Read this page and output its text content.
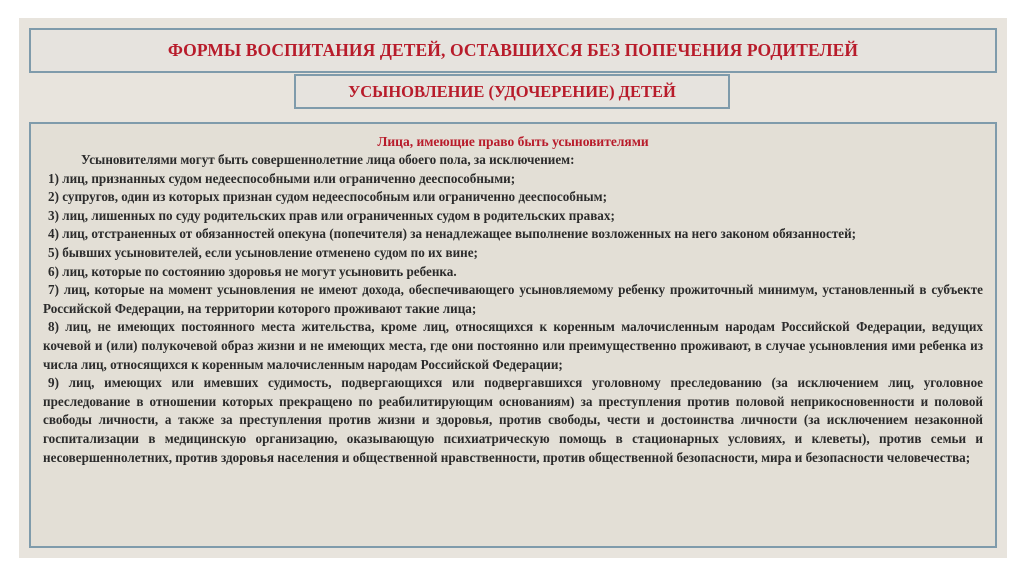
ФОРМЫ ВОСПИТАНИЯ ДЕТЕЙ, ОСТАВШИХСЯ БЕЗ ПОПЕЧЕНИЯ РОДИТЕЛЕЙ
УСЫНОВЛЕНИЕ (УДОЧЕРЕНИЕ) ДЕТЕЙ

Лица, имеющие право быть усыновителями

Усыновителями могут быть совершеннолетние лица обоего пола, за исключением:

1) лиц, признанных судом недееспособными или ограниченно дееспособными;
2) супругов, один из которых признан судом недееспособным или ограниченно дееспособным;
3) лиц, лишенных по суду родительских прав или ограниченных судом в родительских правах;
4) лиц, отстраненных от обязанностей опекуна (попечителя) за ненадлежащее выполнение возложенных на него законом обязанностей;
5) бывших усыновителей, если усыновление отменено судом по их вине;
6) лиц, которые по состоянию здоровья не могут усыновить ребенка.
7) лиц, которые на момент усыновления не имеют дохода, обеспечивающего усыновляемому ребенку прожиточный минимум, установленный в субъекте Российской Федерации, на территории которого проживают такие лица;
8) лиц, не имеющих постоянного места жительства, кроме лиц, относящихся к коренным малочисленным народам Российской Федерации, ведущих кочевой и (или) полукочевой образ жизни и не имеющих места, где они постоянно или преимущественно проживают, в случае усыновления ими ребенка из числа лиц, относящихся к коренным малочисленным народам Российской Федерации;
9) лиц, имеющих или имевших судимость, подвергающихся или подвергавшихся уголовному преследованию (за исключением лиц, уголовное преследование в отношении которых прекращено по реабилитирующим основаниям) за преступления против половой неприкосновенности и половой свободы личности, а также за преступления против жизни и здоровья, против свободы, чести и достоинства личности (за исключением незаконной госпитализации в медицинскую организацию, оказывающую психиатрическую помощь в стационарных условиях, и клеветы), против семьи и несовершеннолетних, против здоровья населения и общественной нравственности, против общественной безопасности, мира и безопасности человечества;
